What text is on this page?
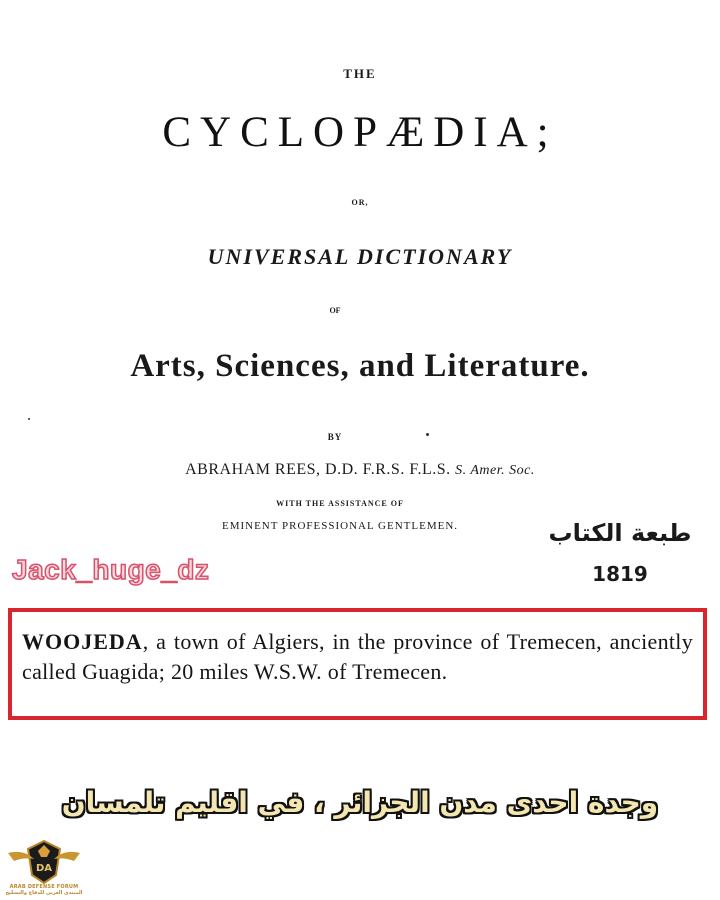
THE
CYCLOPÆDIA;
OR,
UNIVERSAL DICTIONARY
OF
Arts, Sciences, and Literature.
BY
ABRAHAM REES, D.D. F.R.S. F.L.S. S. Amer. Soc.
WITH THE ASSISTANCE OF
EMINENT PROFESSIONAL GENTLEMEN.
Jack_huge_dz
طبعة الكتاب
1819
WOOJEDA, a town of Algiers, in the province of Tremecen, anciently called Guagida; 20 miles W.S.W. of Tremecen.
وجدة احدى مدن الجزائر ، في اقليم تلمسان
DA
ARAB DEFENSE FORUM
المنتدى العربي للدفاع والتسليح
